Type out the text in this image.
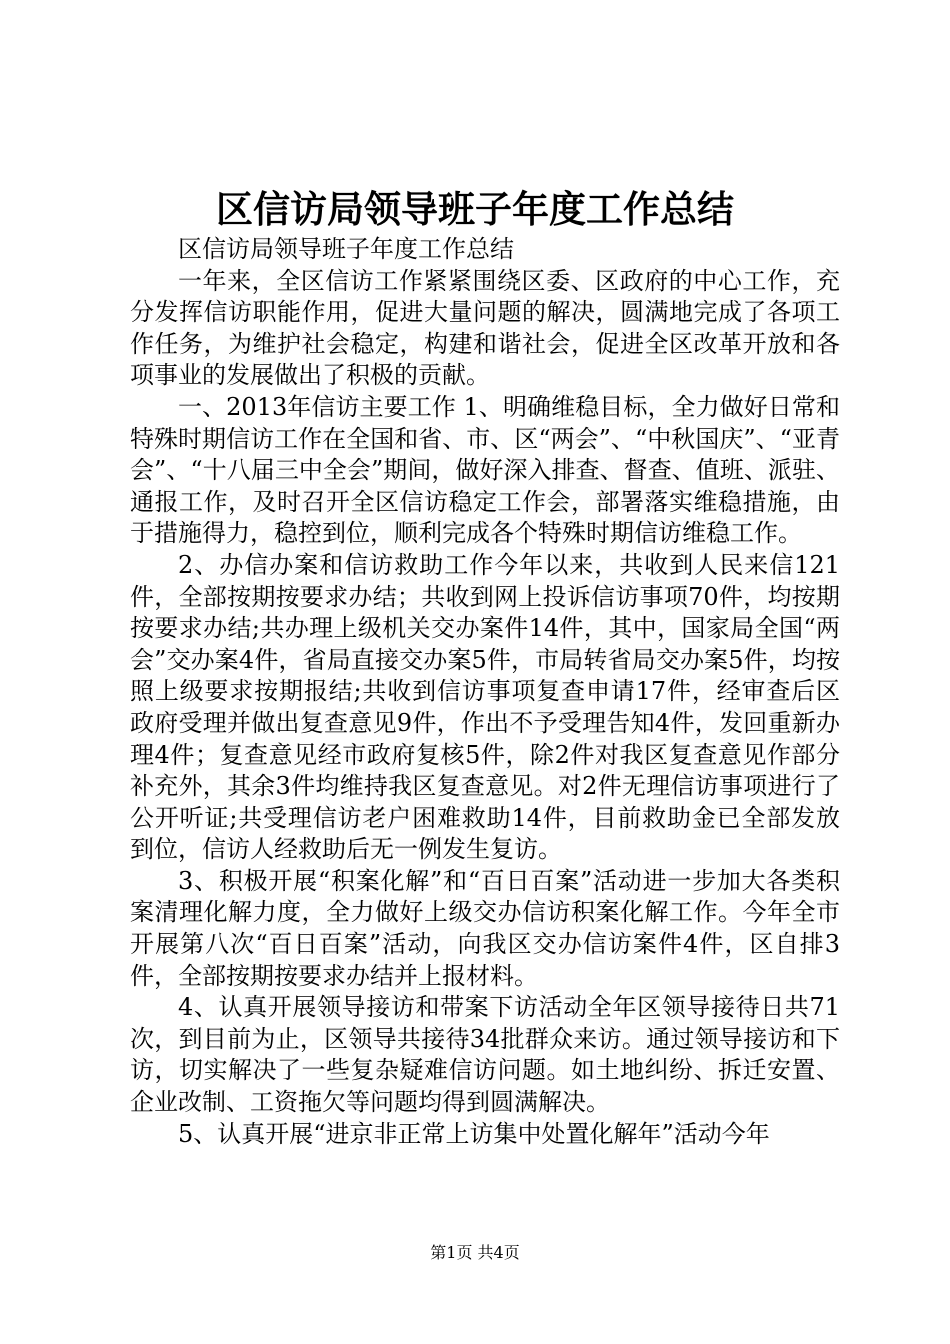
区信访局领导班子年度工作总结

区信访局领导班子年度工作总结

一年来，全区信访工作紧紧围绕区委、区政府的中心工作，充分发挥信访职能作用，促进大量问题的解决，圆满地完成了各项工作任务，为维护社会稳定，构建和谐社会，促进全区改革开放和各项事业的发展做出了积极的贡献。

一、2013年信访主要工作 1、明确维稳目标，全力做好日常和特殊时期信访工作在全国和省、市、区“两会”、“中秋国庆”、“亚青会”、“十八届三中全会”期间，做好深入排查、督查、值班、派驻、通报工作，及时召开全区信访稳定工作会，部署落实维稳措施，由于措施得力，稳控到位，顺利完成各个特殊时期信访维稳工作。

2、办信办案和信访救助工作今年以来，共收到人民来信121件，全部按期按要求办结；共收到网上投诉信访事项70件，均按期按要求办结;共办理上级机关交办案件14件，其中，国家局全国“两会”交办案4件，省局直接交办案5件，市局转省局交办案5件，均按照上级要求按期报结;共收到信访事项复查申请17件，经审查后区政府受理并做出复查意见9件，作出不予受理告知4件，发回重新办理4件；复查意见经市政府复核5件，除2件对我区复查意见作部分补充外，其余3件均维持我区复查意见。对2件无理信访事项进行了公开听证;共受理信访老户困难救助14件，目前救助金已全部发放到位，信访人经救助后无一例发生复访。

3、积极开展“积案化解”和“百日百案”活动进一步加大各类积案清理化解力度，全力做好上级交办信访积案化解工作。今年全市开展第八次“百日百案”活动，向我区交办信访案件4件，区自排3件，全部按期按要求办结并上报材料。

4、认真开展领导接访和带案下访活动全年区领导接待日共71次，到目前为止，区领导共接待34批群众来访。通过领导接访和下访，切实解决了一些复杂疑难信访问题。如土地纠纷、拆迁安置、企业改制、工资拖欠等问题均得到圆满解决。

5、认真开展“进京非正常上访集中处置化解年”活动今年

第1页 共4页
